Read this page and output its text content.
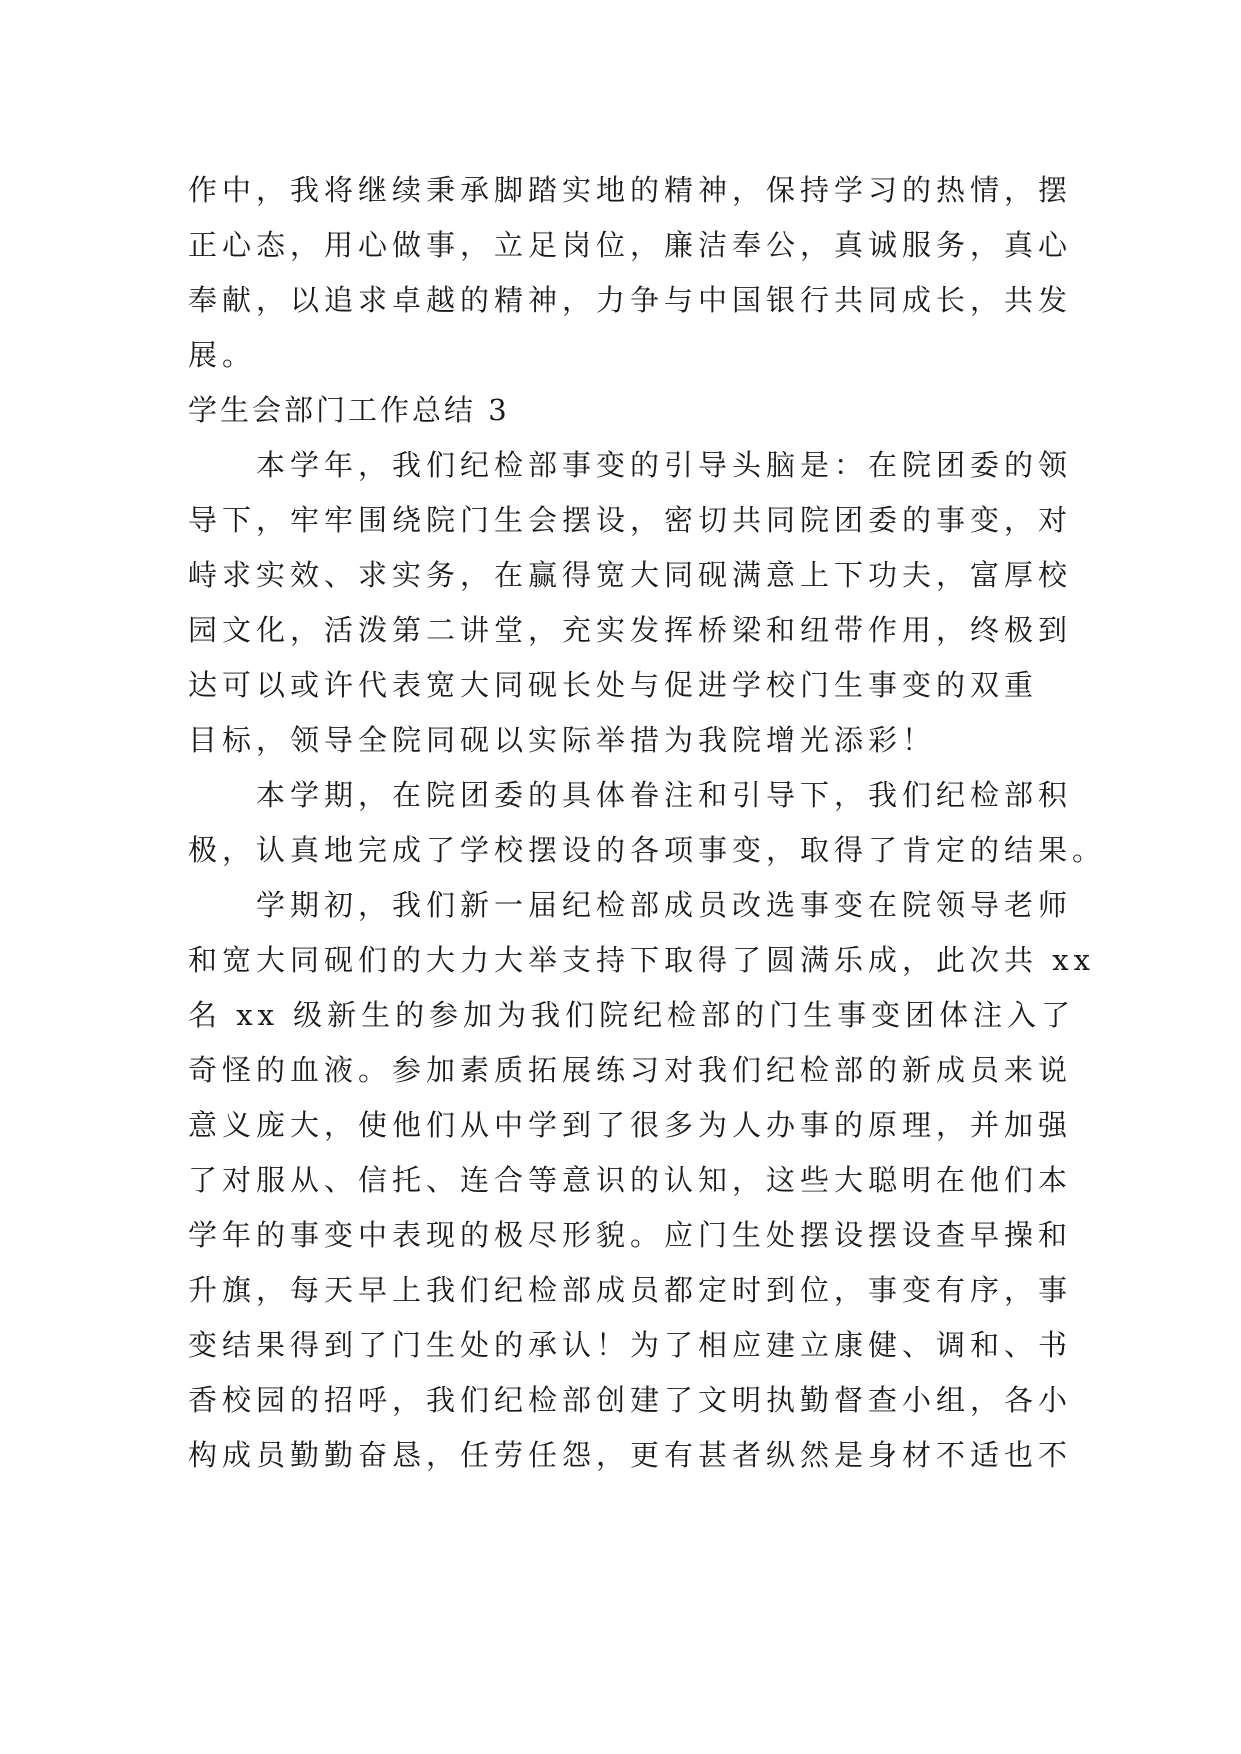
作中，我将继续秉承脚踏实地的精神，保持学习的热情，摆
正心态，用心做事，立足岗位，廉洁奉公，真诚服务，真心
奉献，以追求卓越的精神，力争与中国银行共同成长，共发
展。
学生会部门工作总结 3
　　本学年，我们纪检部事变的引导头脑是：在院团委的领
导下，牢牢围绕院门生会摆设，密切共同院团委的事变，对
峙求实效、求实务，在赢得宽大同砚满意上下功夫，富厚校
园文化，活泼第二讲堂，充实发挥桥梁和纽带作用，终极到
达可以或许代表宽大同砚长处与促进学校门生事变的双重
目标，领导全院同砚以实际举措为我院增光添彩！
　　本学期，在院团委的具体眷注和引导下，我们纪检部积
极，认真地完成了学校摆设的各项事变，取得了肯定的结果。
　　学期初，我们新一届纪检部成员改选事变在院领导老师
和宽大同砚们的大力大举支持下取得了圆满乐成，此次共 xx
名 xx 级新生的参加为我们院纪检部的门生事变团体注入了
奇怪的血液。参加素质拓展练习对我们纪检部的新成员来说
意义庞大，使他们从中学到了很多为人办事的原理，并加强
了对服从、信托、连合等意识的认知，这些大聪明在他们本
学年的事变中表现的极尽形貌。应门生处摆设摆设查早操和
升旗，每天早上我们纪检部成员都定时到位，事变有序，事
变结果得到了门生处的承认！为了相应建立康健、调和、书
香校园的招呼，我们纪检部创建了文明执勤督查小组，各小
构成员勤勤奋恳，任劳任怨，更有甚者纵然是身材不适也不
